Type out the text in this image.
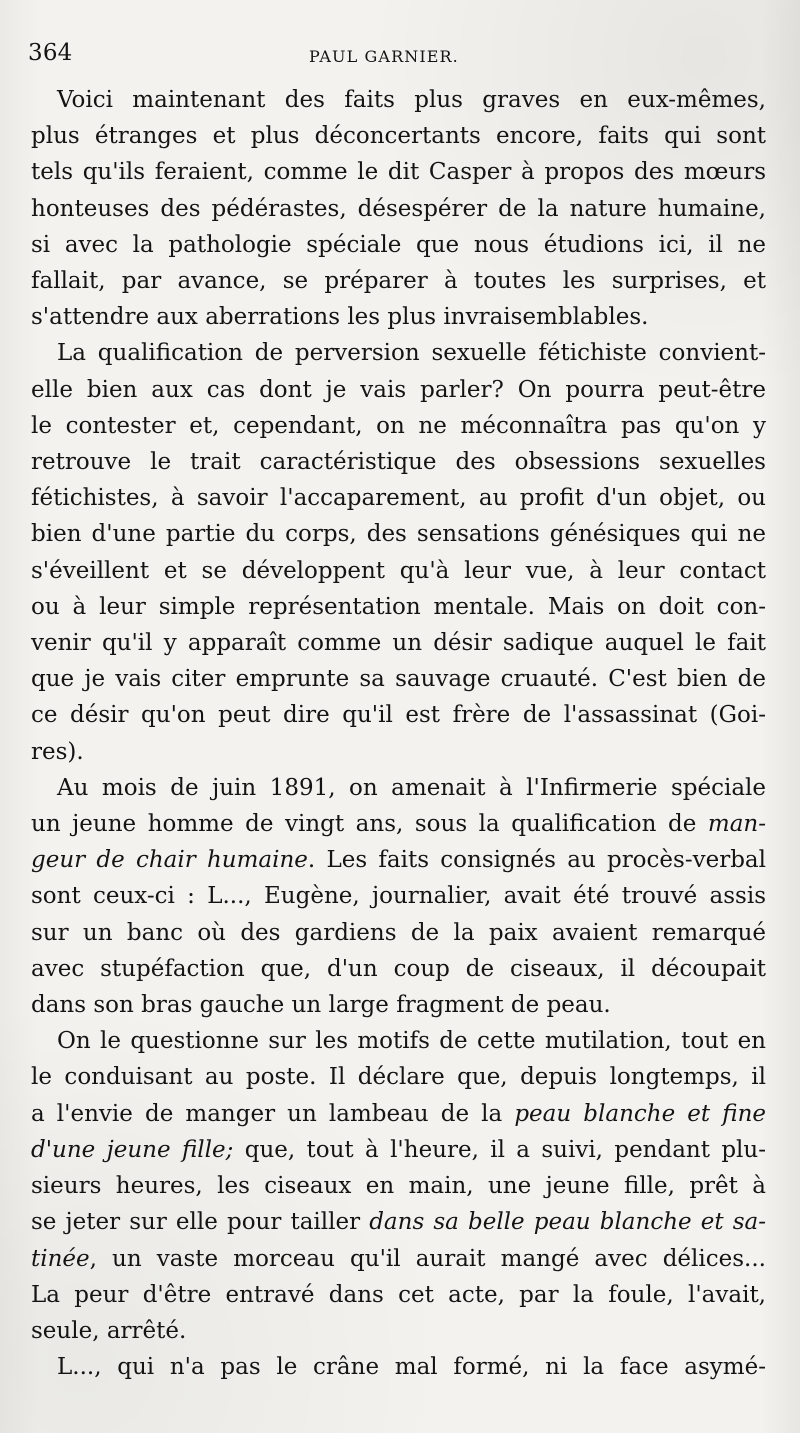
364	PAUL GARNIER.
Voici maintenant des faits plus graves en eux-mêmes,
plus étranges et plus déconcertants encore, faits qui sont
tels qu'ils feraient, comme le dit Casper à propos des mœurs
honteuses des pédérastes, désespérer de la nature humaine,
si avec la pathologie spéciale que nous étudions ici, il ne
fallait, par avance, se préparer à toutes les surprises, et
s'attendre aux aberrations les plus invraisemblables.
La qualification de perversion sexuelle fétichiste convient-
elle bien aux cas dont je vais parler? On pourra peut-être
le contester et, cependant, on ne méconnaîtra pas qu'on y
retrouve le trait caractéristique des obsessions sexuelles
fétichistes, à savoir l'accaparement, au profit d'un objet, ou
bien d'une partie du corps, des sensations génésiques qui ne
s'éveillent et se développent qu'à leur vue, à leur contact
ou à leur simple représentation mentale. Mais on doit con-
venir qu'il y apparaît comme un désir sadique auquel le fait
que je vais citer emprunte sa sauvage cruauté. C'est bien de
ce désir qu'on peut dire qu'il est frère de l'assassinat (Goi-
res).
Au mois de juin 1891, on amenait à l'Infirmerie spéciale
un jeune homme de vingt ans, sous la qualification de man-
geur de chair humaine. Les faits consignés au procès-verbal
sont ceux-ci : L..., Eugène, journalier, avait été trouvé assis
sur un banc où des gardiens de la paix avaient remarqué
avec stupéfaction que, d'un coup de ciseaux, il découpait
dans son bras gauche un large fragment de peau.
On le questionne sur les motifs de cette mutilation, tout en
le conduisant au poste. Il déclare que, depuis longtemps, il
a l'envie de manger un lambeau de la peau blanche et fine
d'une jeune fille; que, tout à l'heure, il a suivi, pendant plu-
sieurs heures, les ciseaux en main, une jeune fille, prêt à
se jeter sur elle pour tailler dans sa belle peau blanche et sa-
tinée, un vaste morceau qu'il aurait mangé avec délices...
La peur d'être entravé dans cet acte, par la foule, l'avait,
seule, arrêté.
L..., qui n'a pas le crâne mal formé, ni la face asymé-
